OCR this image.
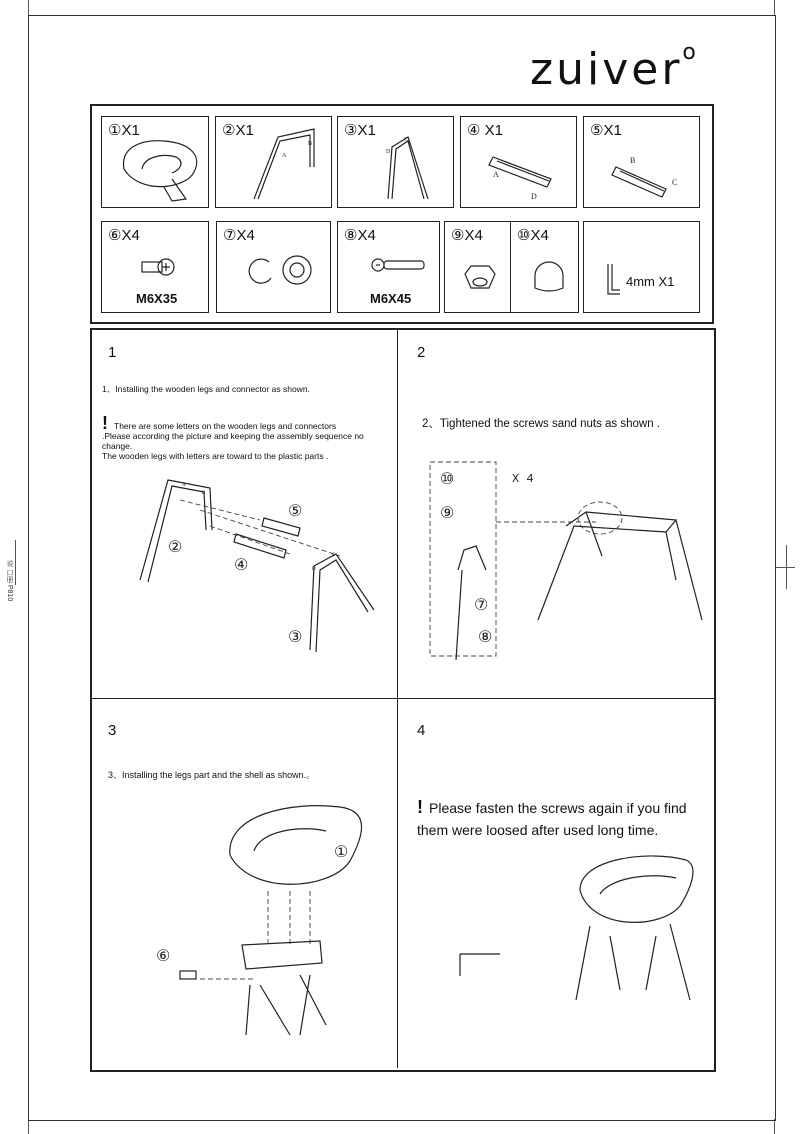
说 口册 P810
zuiver$^o$
①X1	②X1
A
B
③X1
D
C
④ X1
A
D
⑤X1
B
C
⑥X4
M6X35
⑦X4	⑧X4
M6X45
⑨X4 ⑩X4
4mm X1
1
1、Installing the wooden legs and connector as shown.
! There are some letters on the wooden legs and connectors
.Please according the picture and keeping the assembly sequence no change.
The wooden legs with letters are toward to the plastic parts .
②
④
⑤
③
A
B
C
D
2
2、Tightened the screws sand nuts as shown .
⑩
⑨
⑦
⑧
X 4
3
3、Installing the legs part and the shell as shown.。
①
⑥
4
! Please fasten the screws again if you find
them were loosed after used long time.
